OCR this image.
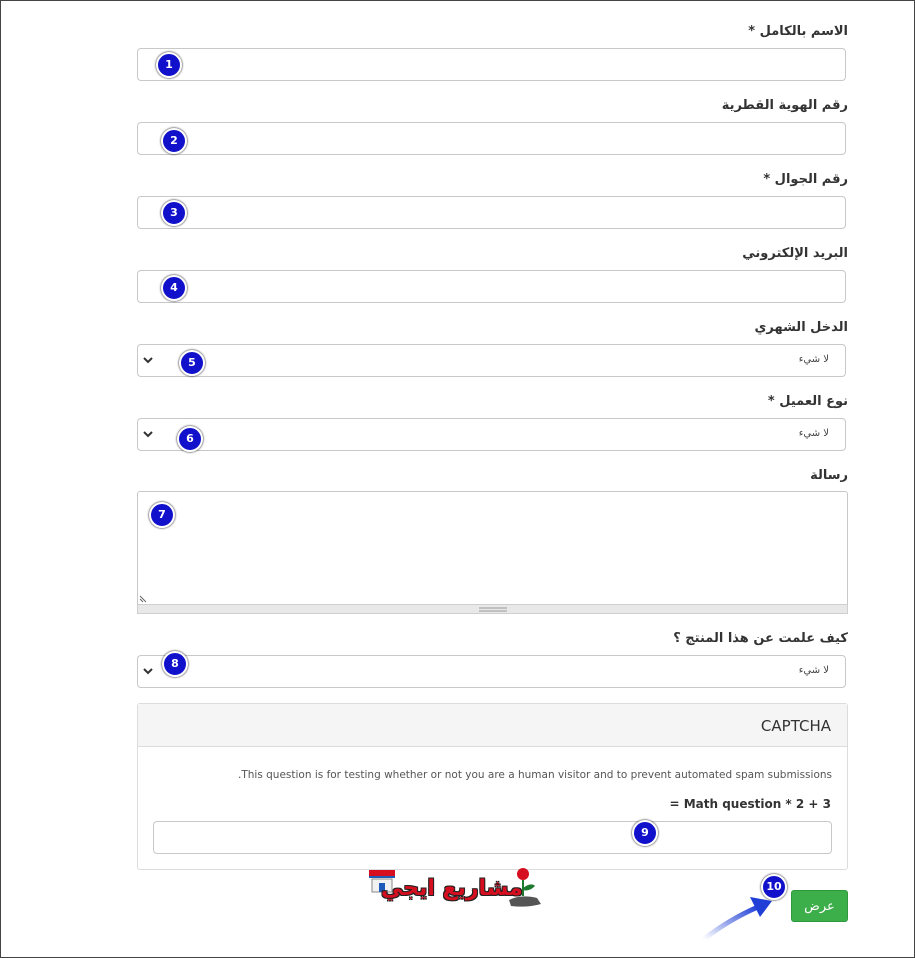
الاسم بالكامل *
رقم الهوية القطرية
رقم الجوال *
البريد الإلكتروني
الدخل الشهري
لا شيء
نوع العميل *
لا شيء
رسالة
كيف علمت عن هذا المنتج ؟
لا شيء
CAPTCHA
This question is for testing whether or not you are a human visitor and to prevent automated spam submissions.
Math question * 2 + 3 =
مشاريع ايجي
عرض
1
2
3
4
5
6
7
8
9
10
